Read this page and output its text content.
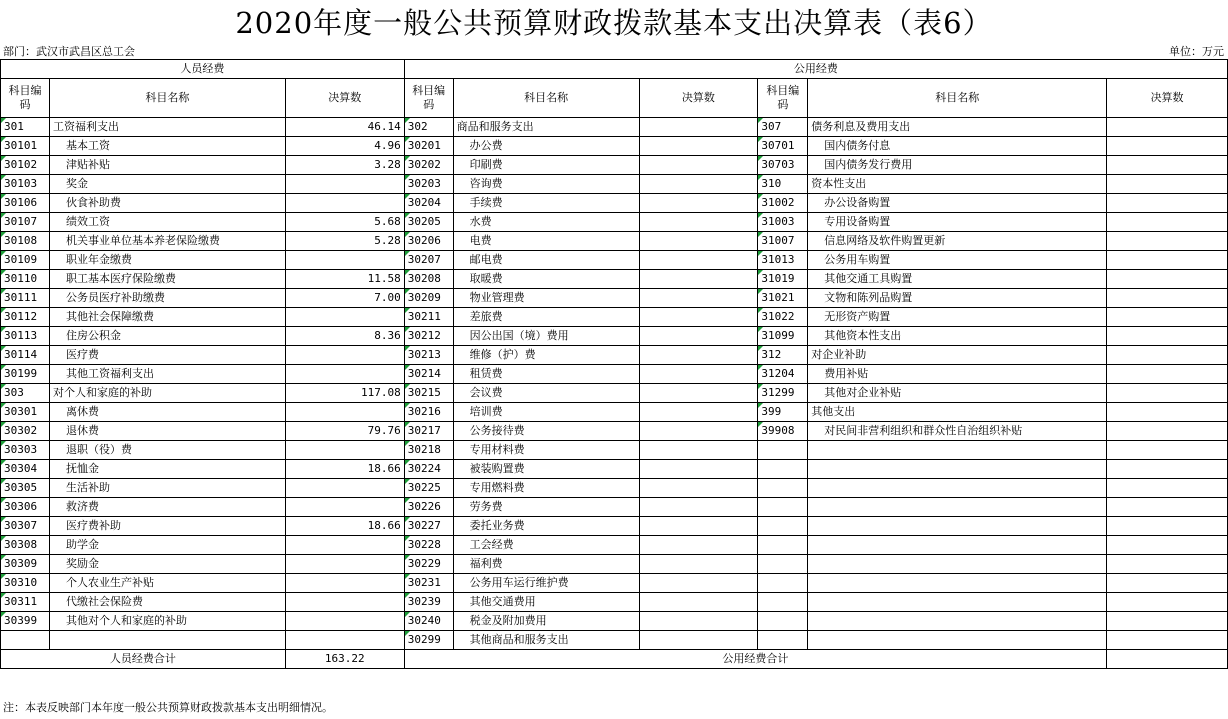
2020年度一般公共预算财政拨款基本支出决算表（表6）
部门：武汉市武昌区总工会	单位：万元
人员经费			公用经费					
科目编码	科目名称	决算数	科目编码	科目名称	决算数	科目编码	科目名称	决算数
301	工资福利支出	46.14	302	商品和服务支出		307	债务利息及费用支出	
30101	基本工资	4.96	30201	办公费		30701	国内债务付息	
30102	津贴补贴	3.28	30202	印刷费		30703	国内债务发行费用	
30103	奖金		30203	咨询费		310	资本性支出	
30106	伙食补助费		30204	手续费		31002	办公设备购置	
30107	绩效工资	5.68	30205	水费		31003	专用设备购置	
30108	机关事业单位基本养老保险缴费	5.28	30206	电费		31007	信息网络及软件购置更新	
30109	职业年金缴费		30207	邮电费		31013	公务用车购置	
30110	职工基本医疗保险缴费	11.58	30208	取暖费		31019	其他交通工具购置	
30111	公务员医疗补助缴费	7.00	30209	物业管理费		31021	文物和陈列品购置	
30112	其他社会保障缴费		30211	差旅费		31022	无形资产购置	
30113	住房公积金	8.36	30212	因公出国（境）费用		31099	其他资本性支出	
30114	医疗费		30213	维修（护）费		312	对企业补助	
30199	其他工资福利支出		30214	租赁费		31204	费用补贴	
303	对个人和家庭的补助	117.08	30215	会议费		31299	其他对企业补贴	
30301	离休费		30216	培训费		399	其他支出	
30302	退休费	79.76	30217	公务接待费		39908	对民间非营利组织和群众性自治组织补贴	
30303	退职（役）费		30218	专用材料费				
30304	抚恤金	18.66	30224	被装购置费				
30305	生活补助		30225	专用燃料费				
30306	救济费		30226	劳务费				
30307	医疗费补助	18.66	30227	委托业务费				
30308	助学金		30228	工会经费				
30309	奖励金		30229	福利费				
30310	个人农业生产补贴		30231	公务用车运行维护费				
30311	代缴社会保险费		30239	其他交通费用				
30399	其他对个人和家庭的补助		30240	税金及附加费用				
			30299	其他商品和服务支出				
人员经费合计		163.22	公用经费合计					
注：本表反映部门本年度一般公共预算财政拨款基本支出明细情况。
